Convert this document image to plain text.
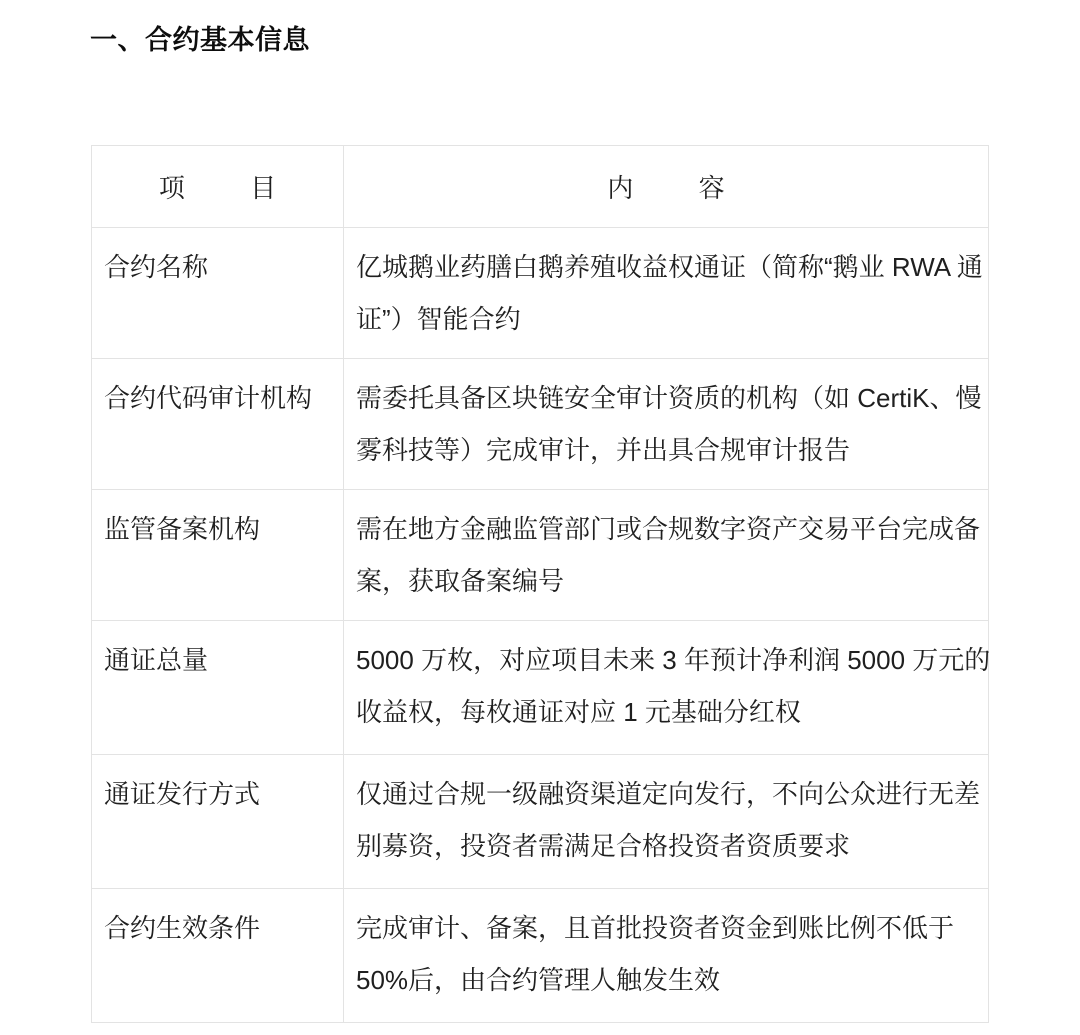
一、合约基本信息
项 目	内 容
合约名称	亿城鹅业药膳白鹅养殖收益权通证（简称“鹅业 RWA 通
证”）智能合约

合约代码审计机构	需委托具备区块链安全审计资质的机构（如 CertiK、慢
雾科技等）完成审计，并出具合规审计报告

监管备案机构	需在地方金融监管部门或合规数字资产交易平台完成备
案，获取备案编号

通证总量	5000 万枚，对应项目未来 3 年预计净利润 5000 万元的
收益权，每枚通证对应 1 元基础分红权

通证发行方式	仅通过合规一级融资渠道定向发行，不向公众进行无差
别募资，投资者需满足合格投资者资质要求

合约生效条件	完成审计、备案，且首批投资者资金到账比例不低于
50%后，由合约管理人触发生效
